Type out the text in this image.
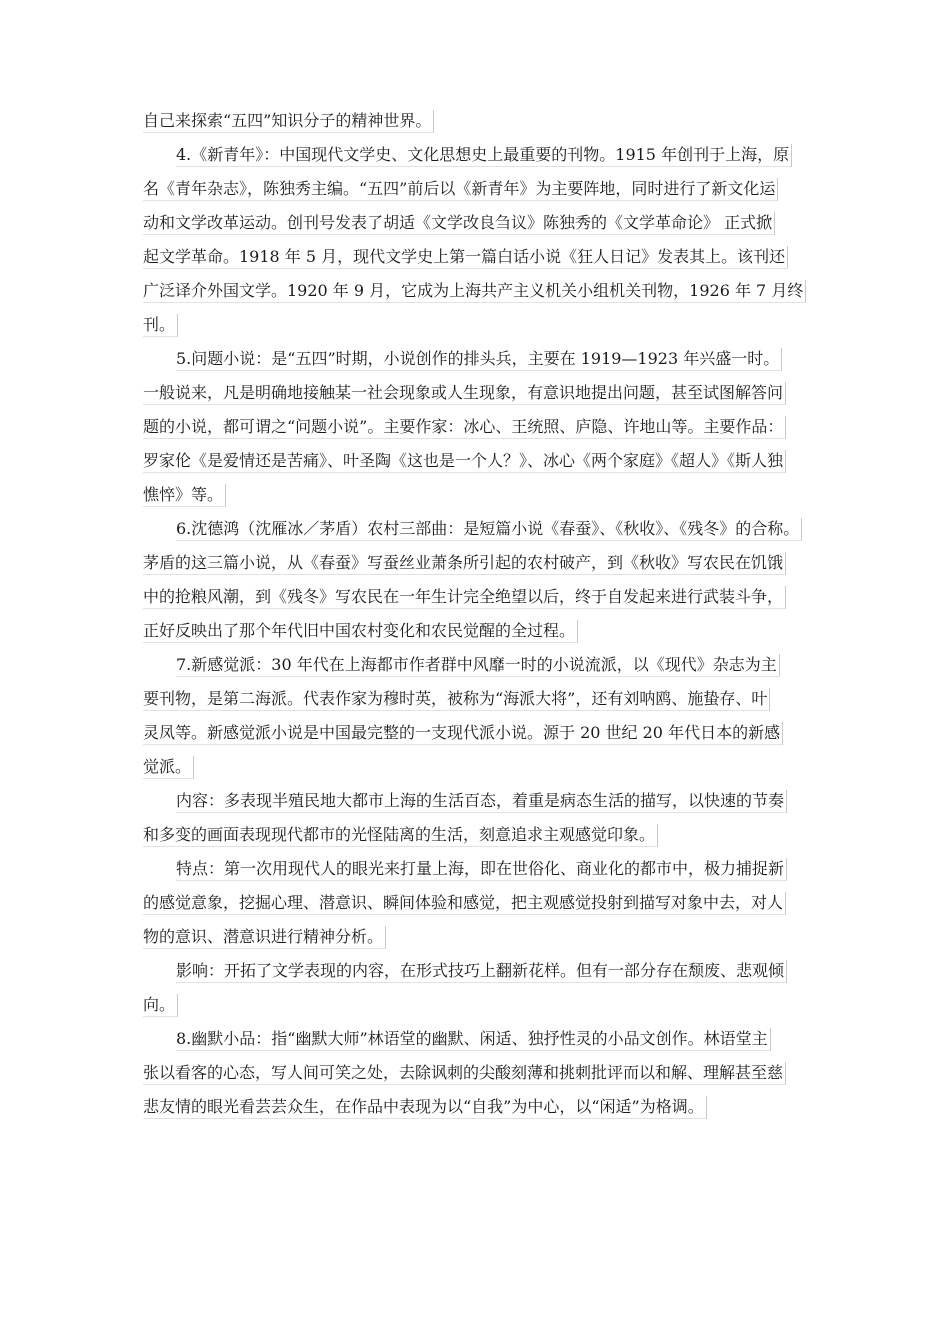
自己来探索“五四”知识分子的精神世界。
4.《新青年》：中国现代文学史、文化思想史上最重要的刊物。1915 年创刊于上海，原
名《青年杂志》，陈独秀主编。“五四”前后以《新青年》为主要阵地，同时进行了新文化运
动和文学改革运动。创刊号发表了胡适《文学改良刍议》陈独秀的《文学革命论》 正式掀
起文学革命。1918 年 5 月，现代文学史上第一篇白话小说《狂人日记》发表其上。该刊还
广泛译介外国文学。1920 年 9 月，它成为上海共产主义机关小组机关刊物，1926 年 7 月终
刊。
5.问题小说：是“五四”时期，小说创作的排头兵，主要在 1919—1923 年兴盛一时。
一般说来，凡是明确地接触某一社会现象或人生现象，有意识地提出问题，甚至试图解答问
题的小说，都可谓之“问题小说”。主要作家：冰心、王统照、庐隐、许地山等。主要作品：
罗家伦《是爱情还是苦痛》、叶圣陶《这也是一个人？》、冰心《两个家庭》《超人》《斯人独
憔悴》等。
6.沈德鸿（沈雁冰／茅盾）农村三部曲：是短篇小说《春蚕》、《秋收》、《残冬》的合称。
茅盾的这三篇小说，从《春蚕》写蚕丝业萧条所引起的农村破产，到《秋收》写农民在饥饿
中的抢粮风潮，到《残冬》写农民在一年生计完全绝望以后，终于自发起来进行武装斗争，
正好反映出了那个年代旧中国农村变化和农民觉醒的全过程。
7.新感觉派：30 年代在上海都市作者群中风靡一时的小说流派，以《现代》杂志为主
要刊物，是第二海派。代表作家为穆时英，被称为“海派大将”，还有刘呐鸥、施蛰存、叶
灵凤等。新感觉派小说是中国最完整的一支现代派小说。源于 20 世纪 20 年代日本的新感
觉派。
内容：多表现半殖民地大都市上海的生活百态，着重是病态生活的描写，以快速的节奏
和多变的画面表现现代都市的光怪陆离的生活，刻意追求主观感觉印象。
特点：第一次用现代人的眼光来打量上海，即在世俗化、商业化的都市中，极力捕捉新
的感觉意象，挖掘心理、潜意识、瞬间体验和感觉，把主观感觉投射到描写对象中去，对人
物的意识、潜意识进行精神分析。
影响：开拓了文学表现的内容，在形式技巧上翻新花样。但有一部分存在颓废、悲观倾
向。
8.幽默小品：指“幽默大师”林语堂的幽默、闲适、独抒性灵的小品文创作。林语堂主
张以看客的心态，写人间可笑之处，去除讽刺的尖酸刻薄和挑刺批评而以和解、理解甚至慈
悲友情的眼光看芸芸众生，在作品中表现为以“自我”为中心，以“闲适”为格调。
